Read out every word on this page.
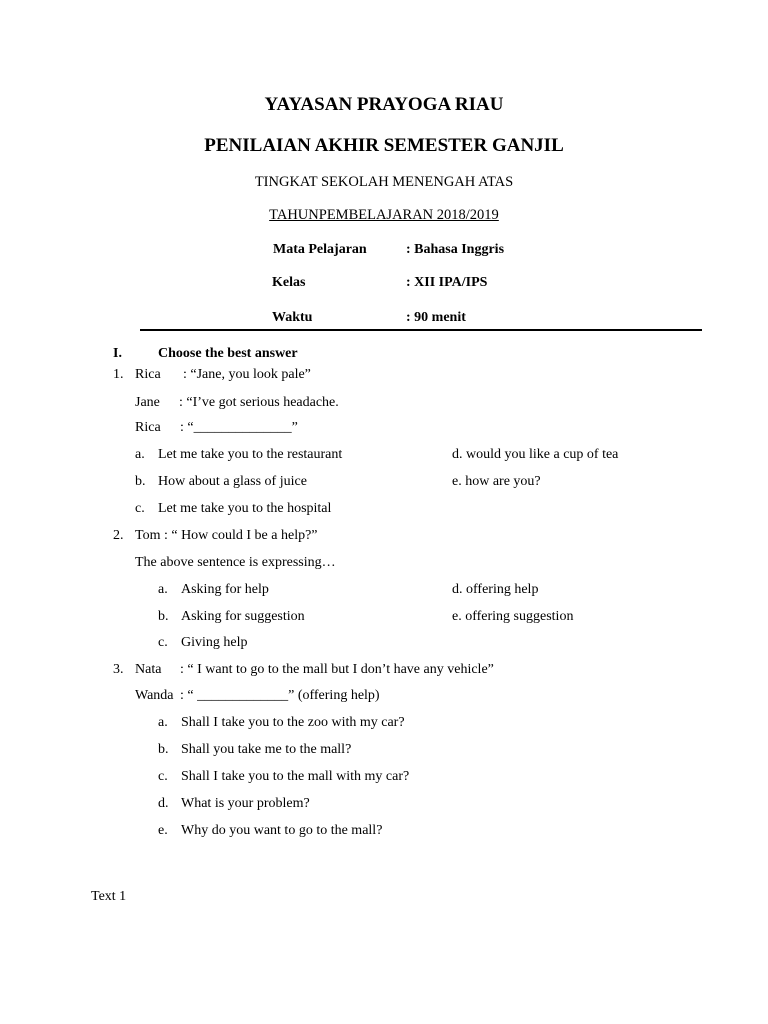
YAYASAN PRAYOGA RIAU
PENILAIAN AKHIR SEMESTER GANJIL
TINGKAT SEKOLAH MENENGAH ATAS
TAHUNPEMBELAJARAN 2018/2019
Mata Pelajaran	: Bahasa Inggris
Kelas	: XII IPA/IPS
Waktu	: 90 menit
I.	Choose the best answer
1. Rica : “Jane, you look pale”
Jane : “I’ve got serious headache.
Rica : “______________”
a. Let me take you to the restaurant	d. would you like a cup of tea
b. How about a glass of juice	e. how are you?
c. Let me take you to the hospital
2. Tom : “ How could I be a help?”
The above sentence is expressing…
a. Asking for help	d. offering help
b. Asking for suggestion	e. offering suggestion
c. Giving help
3. Nata : “ I want to go to the mall but I don’t have any vehicle”
Wanda : “ _____________” (offering help)
a. Shall I take you to the zoo with my car?
b. Shall you take me to the mall?
c. Shall I take you to the mall with my car?
d. What is your problem?
e. Why do you want to go to the mall?
Text 1
